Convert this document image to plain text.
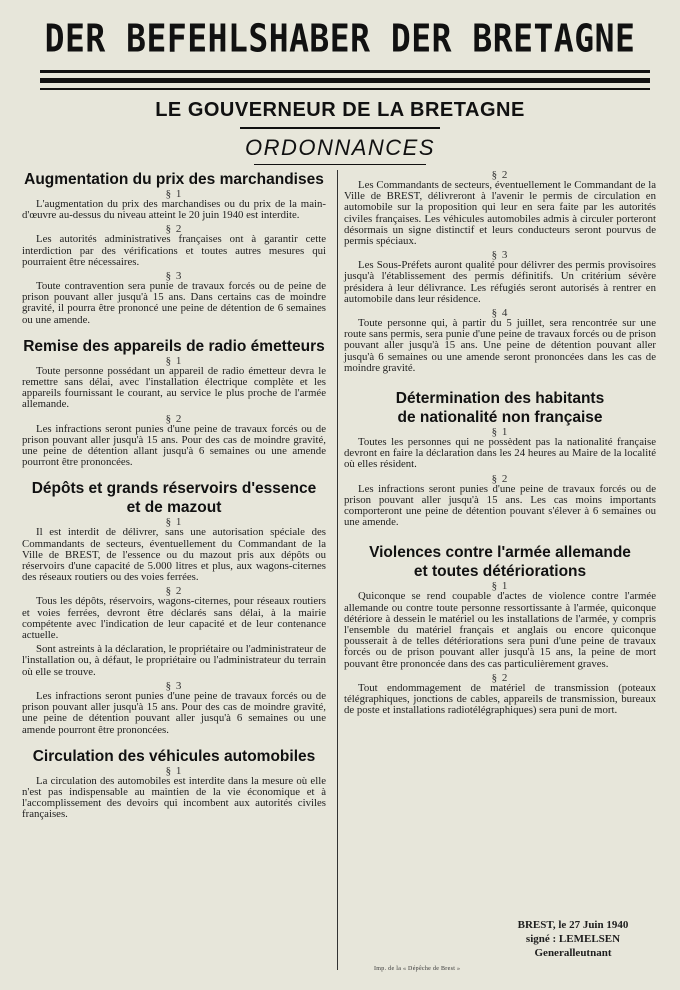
DER BEFEHLSHABER DER BRETAGNE
LE GOUVERNEUR DE LA BRETAGNE
ORDONNANCES
Augmentation du prix des marchandises
§ 1

L'augmentation du prix des marchandises ou du prix de la main-d'œuvre au-dessus du niveau atteint le 20 juin 1940 est interdite.

§ 2

Les autorités administratives françaises ont à garantir cette interdiction par des vérifications et toutes autres mesures qui pourraient être nécessaires.

§ 3

Toute contravention sera punie de travaux forcés ou de peine de prison pouvant aller jusqu'à 15 ans. Dans certains cas de moindre gravité, il pourra être prononcé une peine de détention de 6 semaines ou une amende.

Remise des appareils de radio émetteurs
§ 1

Toute personne possédant un appareil de radio émetteur devra le remettre sans délai, avec l'installation électrique complète et les appareils fournissant le courant, au service le plus proche de l'armée allemande.

§ 2

Les infractions seront punies d'une peine de travaux forcés ou de prison pouvant aller jusqu'à 15 ans. Pour des cas de moindre gravité, une peine de détention allant jusqu'à 6 semaines ou une amende pourront être prononcées.

Dépôts et grands réservoirs d'essence
et de mazout
§ 1

Il est interdit de délivrer, sans une autorisation spéciale des Commandants de secteurs, éventuellement du Commandant de la Ville de BREST, de l'essence ou du mazout pris aux dépôts ou réservoirs d'une capacité de 5.000 litres et plus, aux wagons-citernes des réseaux routiers ou des voies ferrées.

§ 2

Tous les dépôts, réservoirs, wagons-citernes, pour réseaux routiers et voies ferrées, devront être déclarés sans délai, à la mairie compétente avec l'indication de leur capacité et de leur contenance actuelle.

Sont astreints à la déclaration, le propriétaire ou l'administrateur de l'installation ou, à défaut, le propriétaire ou l'administrateur du terrain où elle se trouve.

§ 3

Les infractions seront punies d'une peine de travaux forcés ou de prison pouvant aller jusqu'à 15 ans. Pour des cas de moindre gravité, une peine de détention pouvant aller jusqu'à 6 semaines ou une amende pourront être prononcées.

Circulation des véhicules automobiles
§ 1

La circulation des automobiles est interdite dans la mesure où elle n'est pas indispensable au maintien de la vie économique et à l'accomplissement des devoirs qui incombent aux autorités civiles françaises.

§ 2

Les Commandants de secteurs, éventuellement le Commandant de la Ville de BREST, délivreront à l'avenir le permis de circulation en automobile sur la proposition qui leur en sera faite par les autorités civiles françaises. Les véhicules automobiles admis à circuler porteront désormais un signe distinctif et leurs conducteurs seront pourvus de permis spéciaux.

§ 3

Les Sous-Préfets auront qualité pour délivrer des permis provisoires jusqu'à l'établissement des permis définitifs. Un critérium sévère présidera à leur délivrance. Les réfugiés seront autorisés à rentrer en automobile dans leur résidence.

§ 4

Toute personne qui, à partir du 5 juillet, sera rencontrée sur une route sans permis, sera punie d'une peine de travaux forcés ou de prison pouvant aller jusqu'à 15 ans. Une peine de détention pouvant aller jusqu'à 6 semaines ou une amende seront prononcées dans les cas de moindre gravité.

Détermination des habitants
de nationalité non française
§ 1

Toutes les personnes qui ne possèdent pas la nationalité française devront en faire la déclaration dans les 24 heures au Maire de la localité où elles résident.

§ 2

Les infractions seront punies d'une peine de travaux forcés ou de prison pouvant aller jusqu'à 15 ans. Les cas moins importants comporteront une peine de détention pouvant s'élever à 6 semaines ou une amende.

Violences contre l'armée allemande
et toutes détériorations
§ 1

Quiconque se rend coupable d'actes de violence contre l'armée allemande ou contre toute personne ressortissante à l'armée, quiconque détériore à dessein le matériel ou les installations de l'armée, y compris l'ensemble du matériel français et anglais ou encore quiconque pousserait à de telles détériorations sera puni d'une peine de travaux forcés ou de prison pouvant aller jusqu'à 15 ans, la peine de mort pouvant être prononcée dans des cas particulièrement graves.

§ 2

Tout endommagement de matériel de transmission (poteaux télégraphiques, jonctions de cables, appareils de transmission, bureaux de poste et installations radiotélégraphiques) sera puni de mort.

BREST, le 27 Juin 1940
signé : LEMELSEN
Generalleutnant
Imp. de la « Dépêche de Brest »
